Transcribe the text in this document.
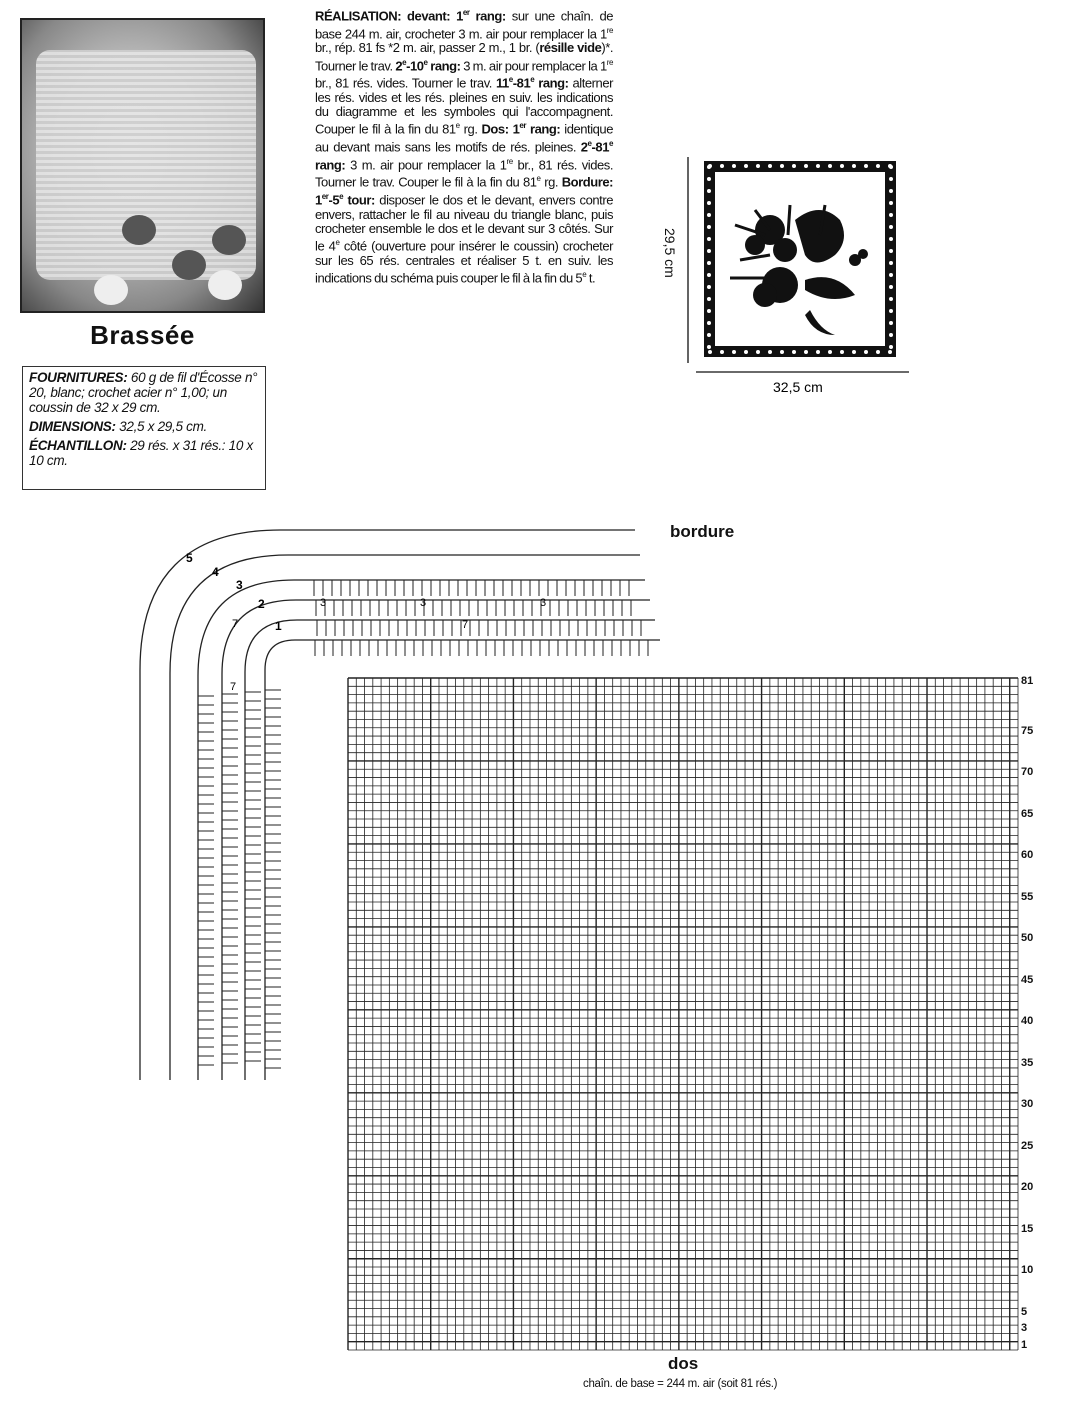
Brassée

FOURNITURES: 60 g de fil d'Écosse n° 20, blanc; crochet acier n° 1,00; un coussin de 32 x 29 cm.

DIMENSIONS: 32,5 x 29,5 cm.

ÉCHANTILLON: 29 rés. x 31 rés.: 10 x 10 cm.

RÉALISATION: devant: 1er rang: sur une chaîn. de base 244 m. air, crocheter 3 m. air pour remplacer la 1re br., rép. 81 fs *2 m. air, passer 2 m., 1 br. (résille vide)*. Tourner le trav. 2e-10e rang: 3 m. air pour remplacer la 1re br., 81 rés. vides. Tourner le trav. 11e-81e rang: alterner les rés. vides et les rés. pleines en suiv. les indications du diagramme et les symboles qui l'accompagnent. Couper le fil à la fin du 81e rg. Dos: 1er rang: identique au devant mais sans les motifs de rés. pleines. 2e-81e rang: 3 m. air pour remplacer la 1re br., 81 rés. vides. Tourner le trav. Couper le fil à la fin du 81e rg. Bordure: 1er-5e tour: disposer le dos et le devant, envers contre envers, rattacher le fil au niveau du triangle blanc, puis crocheter ensemble le dos et le devant sur 3 côtés. Sur le 4e côté (ouverture pour insérer le coussin) crocheter sur les 65 rés. centrales et réaliser 5 t. en suiv. les indications du schéma puis couper le fil à la fin du 5e t.
32,5 cm
29,5 cm
bordure
1
2
3
4
5
3	3	3
7
7
7	81
75
70
65
60
55
50
45
40
35
30
25
20
15
10
5
3
1
dos
chaîn. de base = 244 m. air (soit 81 rés.)
